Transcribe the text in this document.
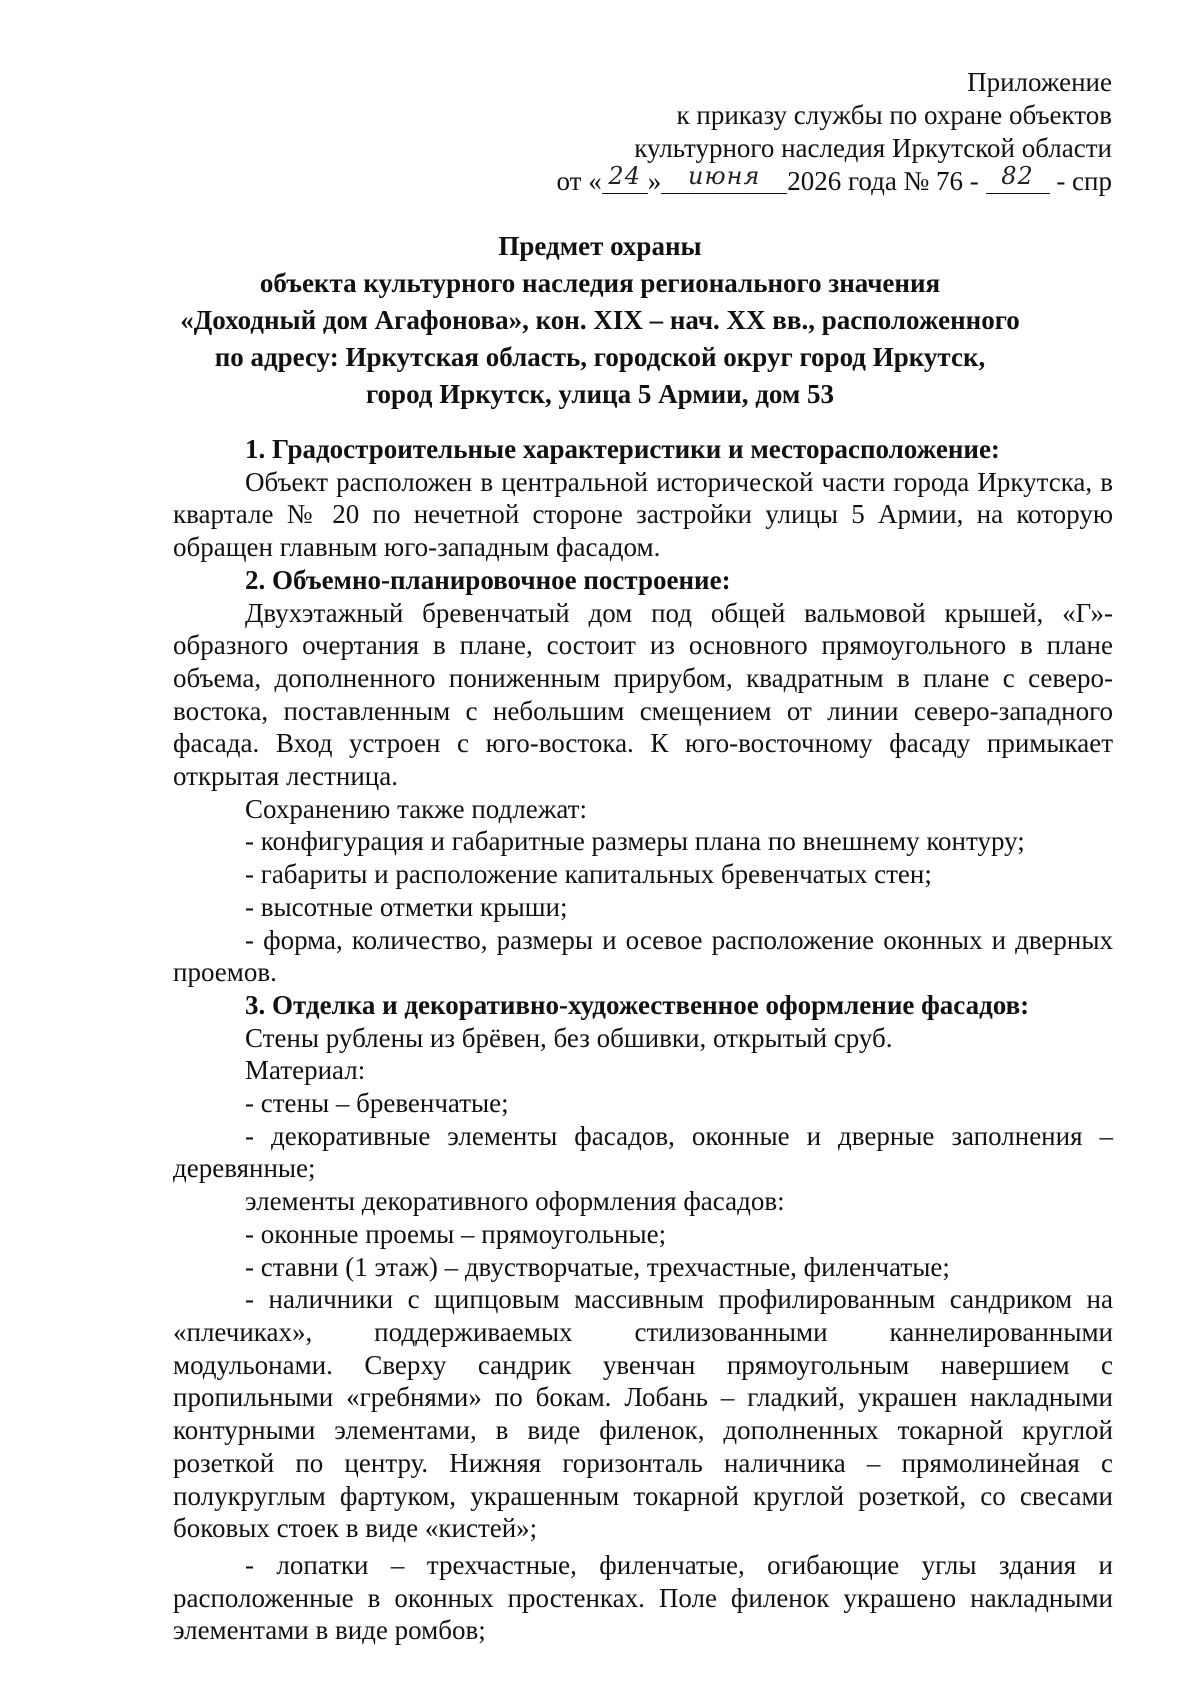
Приложение
к приказу службы по охране объектов
культурного наследия Иркутской области
от « 24 » июня 2026 года № 76 - 82 - спр
Предмет охраны
объекта культурного наследия регионального значения
«Доходный дом Агафонова», кон. XIX – нач. XX вв., расположенного
по адресу: Иркутская область, городской округ город Иркутск,
город Иркутск, улица 5 Армии, дом 53

1. Градостроительные характеристики и месторасположение:

Объект расположен в центральной исторической части города Иркутска, в квартале № 20 по нечетной стороне застройки улицы 5 Армии, на которую обращен главным юго-западным фасадом.

2. Объемно-планировочное построение:

Двухэтажный бревенчатый дом под общей вальмовой крышей, «Г»- образного очертания в плане, состоит из основного прямоугольного в плане объема, дополненного пониженным прирубом, квадратным в плане с северо-востока, поставленным с небольшим смещением от линии северо-западного фасада. Вход устроен с юго-востока. К юго-восточному фасаду примыкает открытая лестница.

Сохранению также подлежат:

- конфигурация и габаритные размеры плана по внешнему контуру;

- габариты и расположение капитальных бревенчатых стен;

- высотные отметки крыши;

- форма, количество, размеры и осевое расположение оконных и дверных проемов.

3. Отделка и декоративно-художественное оформление фасадов:

Стены рублены из брёвен, без обшивки, открытый сруб.

Материал:

- стены – бревенчатые;

- декоративные элементы фасадов, оконные и дверные заполнения – деревянные;

элементы декоративного оформления фасадов:

- оконные проемы – прямоугольные;

- ставни (1 этаж) – двустворчатые, трехчастные, филенчатые;

- наличники с щипцовым массивным профилированным сандриком на «плечиках», поддерживаемых стилизованными каннелированными модульонами. Сверху сандрик увенчан прямоугольным навершием с пропильными «гребнями» по бокам. Лобань – гладкий, украшен накладными контурными элементами, в виде филенок, дополненных токарной круглой розеткой по центру. Нижняя горизонталь наличника – прямолинейная с полукруглым фартуком, украшенным токарной круглой розеткой, со свесами боковых стоек в виде «кистей»;

- лопатки – трехчастные, филенчатые, огибающие углы здания и расположенные в оконных простенках. Поле филенок украшено накладными элементами в виде ромбов;
